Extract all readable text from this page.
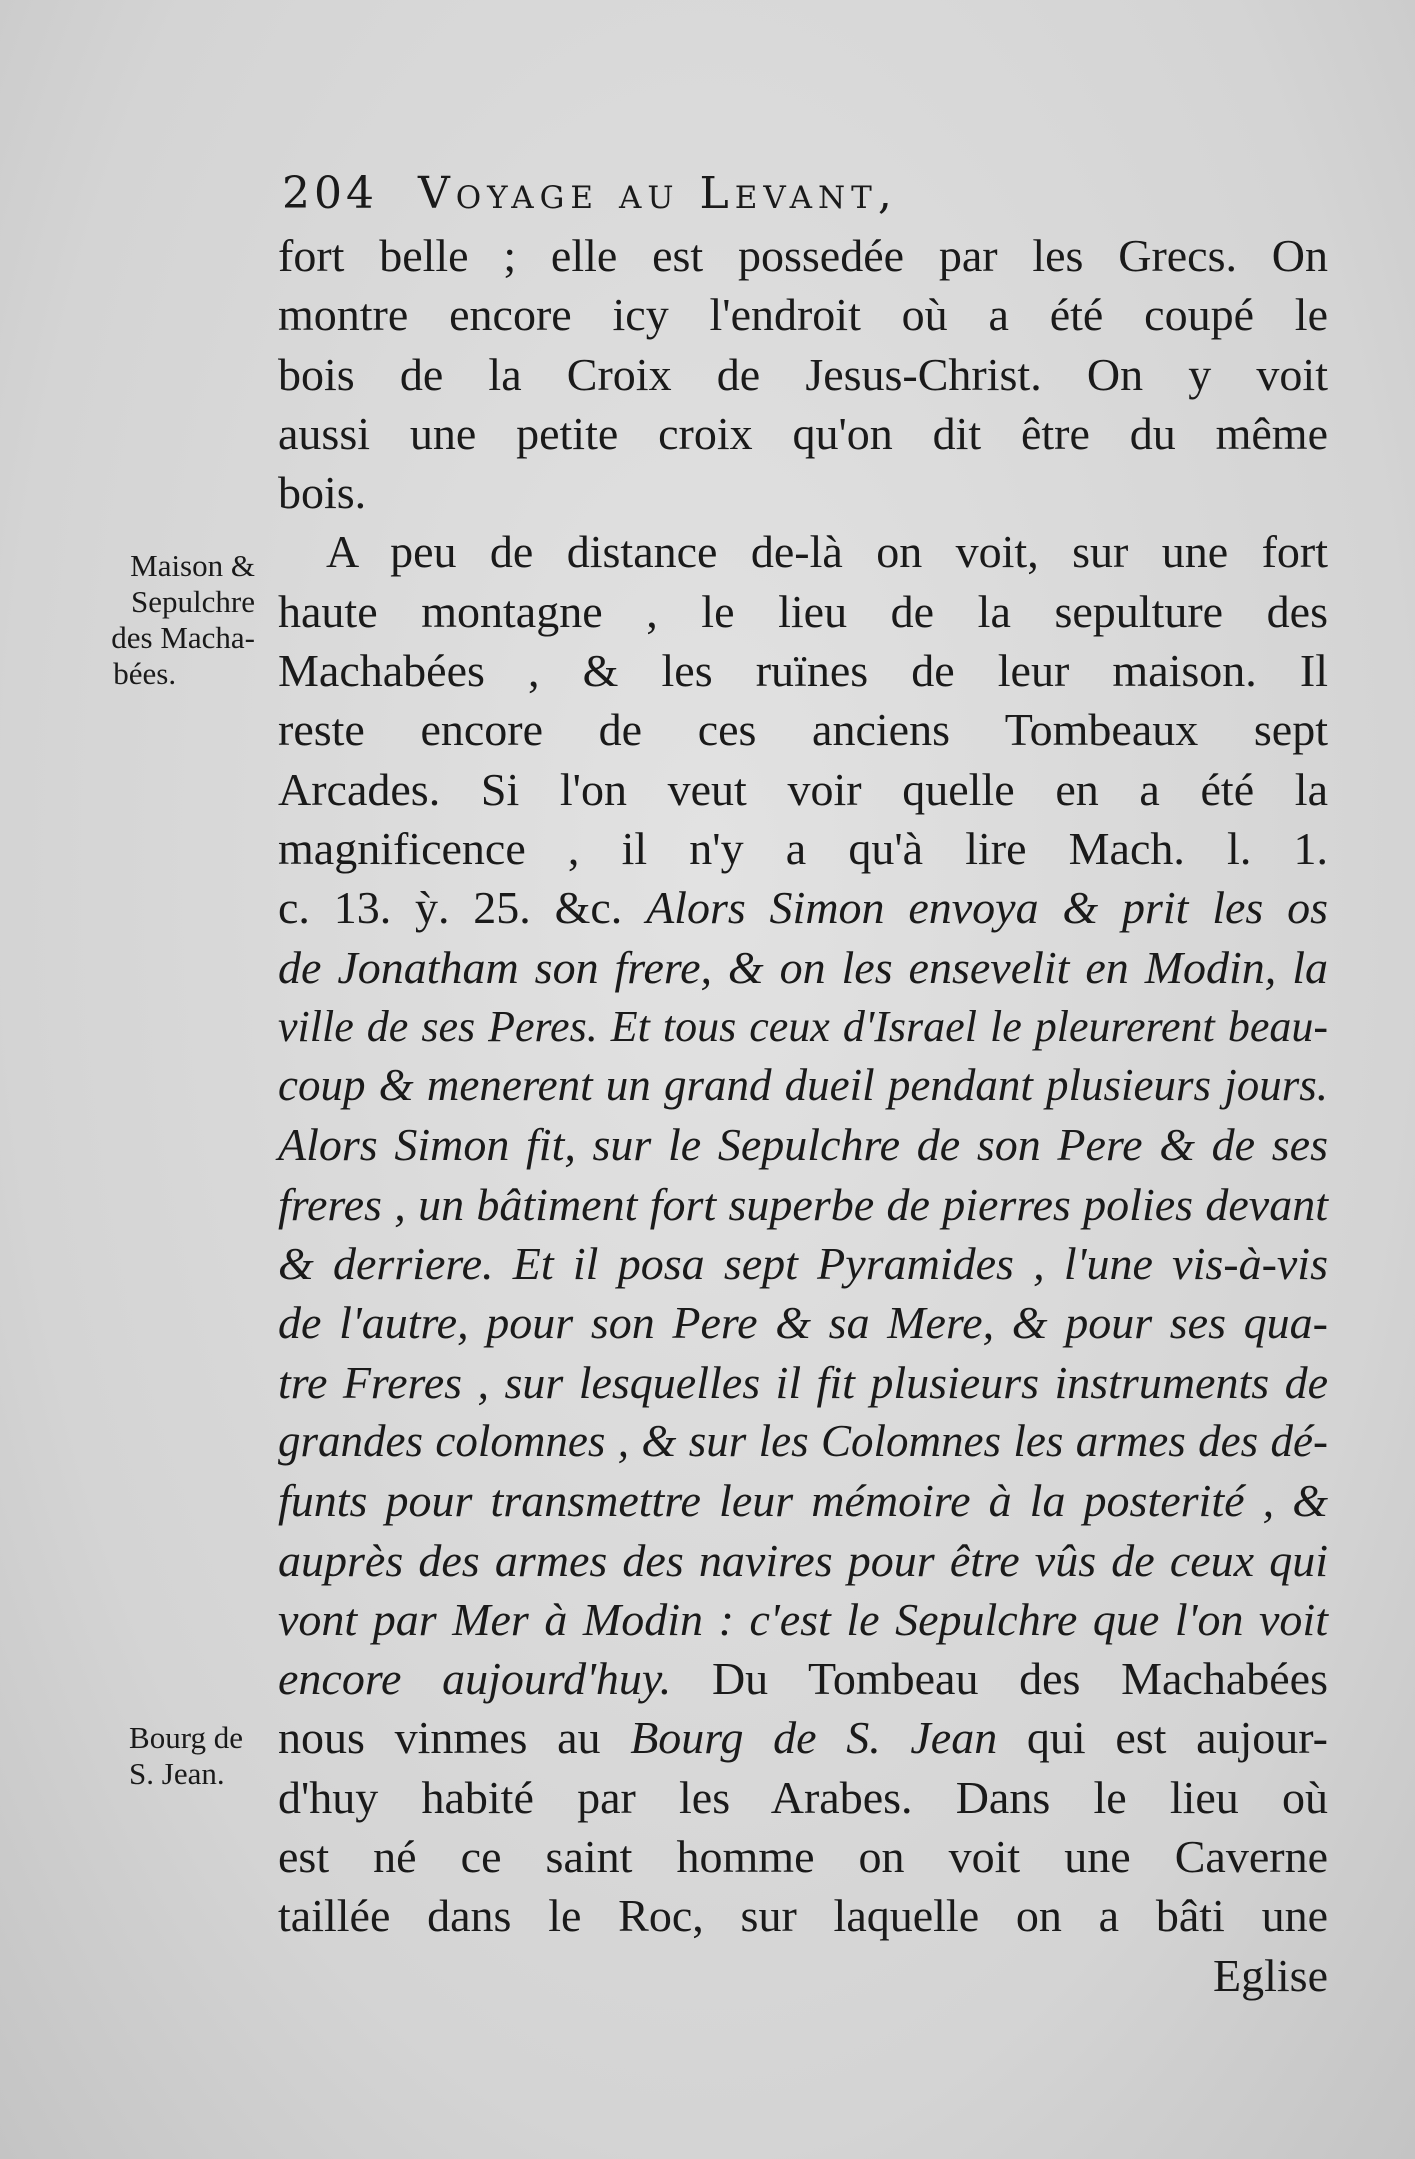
204 Voyage au Levant,
Maison &
Sepulchre
des Macha-
bées.
Bourg de
S. Jean.
fort belle ; elle est possedée par les Grecs. On
montre encore icy l'endroit où a été coupé le
bois de la Croix de Jesus-Christ. On y voit
aussi une petite croix qu'on dit être du même
bois.
A peu de distance de-là on voit, sur une fort
haute montagne , le lieu de la sepulture des
Machabées , & les ruïnes de leur maison. Il
reste encore de ces anciens Tombeaux sept
Arcades. Si l'on veut voir quelle en a été la
magnificence , il n'y a qu'à lire Mach. l. 1.
c. 13. ỳ. 25. &c. Alors Simon envoya & prit les os
de Jonatham son frere, & on les ensevelit en Modin, la
ville de ses Peres. Et tous ceux d'Israel le pleurerent beau-
coup & menerent un grand dueil pendant plusieurs jours.
Alors Simon fit, sur le Sepulchre de son Pere & de ses
freres , un bâtiment fort superbe de pierres polies devant
& derriere. Et il posa sept Pyramides , l'une vis-à-vis
de l'autre, pour son Pere & sa Mere, & pour ses qua-
tre Freres , sur lesquelles il fit plusieurs instruments de
grandes colomnes , & sur les Colomnes les armes des dé-
funts pour transmettre leur mémoire à la posterité , &
auprès des armes des navires pour être vûs de ceux qui
vont par Mer à Modin : c'est le Sepulchre que l'on voit
encore aujourd'huy. Du Tombeau des Machabées
nous vinmes au Bourg de S. Jean qui est aujour-
d'huy habité par les Arabes. Dans le lieu où
est né ce saint homme on voit une Caverne
taillée dans le Roc, sur laquelle on a bâti une
Eglise
